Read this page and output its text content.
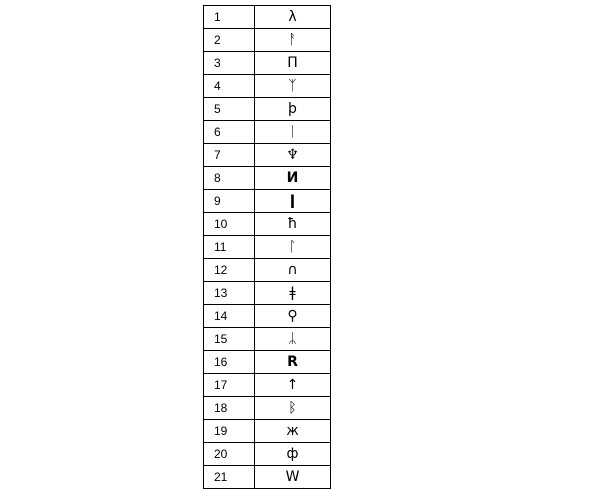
1	λ
2	ᚨ
3	Π
4	ᛉ
5	þ
6	ᛁ
7	♆
8	И
9	ǀ
10	ħ
11	ᛚ
12	∩
13	ǂ
14	⚲
15	ᛦ
16	R
17	↑
18	ᛒ
19	ж
20	ф
21	W
